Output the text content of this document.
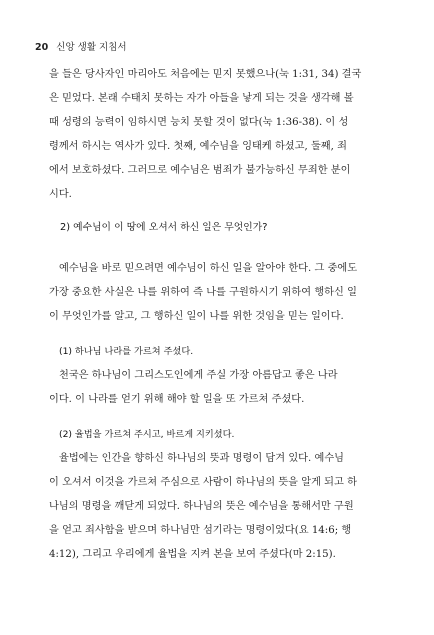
20 신앙 생활 지침서
을 들은 당사자인 마리아도 처음에는 믿지 못했으나(눅 1:31, 34) 결국
은 믿었다. 본래 수태치 못하는 자가 아들을 낳게 되는 것을 생각해 볼
때 성령의 능력이 임하시면 능치 못할 것이 없다(눅 1:36-38). 이 성
령께서 하시는 역사가 있다. 첫째, 예수님을 잉태케 하셨고, 둘째, 죄
에서 보호하셨다. 그러므로 예수님은 범죄가 불가능하신 무죄한 분이
시다.
2) 예수님이 이 땅에 오셔서 하신 일은 무엇인가?
예수님을 바로 믿으려면 예수님이 하신 일을 알아야 한다. 그 중에도
가장 중요한 사실은 나를 위하여 즉 나를 구원하시기 위하여 행하신 일
이 무엇인가를 알고, 그 행하신 일이 나를 위한 것임을 믿는 일이다.
(1) 하나님 나라를 가르쳐 주셨다.
천국은 하나님이 그리스도인에게 주실 가장 아름답고 좋은 나라
이다. 이 나라를 얻기 위해 해야 할 일을 또 가르쳐 주셨다.
(2) 율법을 가르쳐 주시고, 바르게 지키셨다.
율법에는 인간을 향하신 하나님의 뜻과 명령이 담겨 있다. 예수님
이 오셔서 이것을 가르쳐 주심으로 사람이 하나님의 뜻을 알게 되고 하
나님의 명령을 깨닫게 되었다. 하나님의 뜻은 예수님을 통해서만 구원
을 얻고 죄사함을 받으며 하나님만 섬기라는 명령이었다(요 14:6; 행
4:12), 그리고 우리에게 율법을 지켜 본을 보여 주셨다(마 2:15).
